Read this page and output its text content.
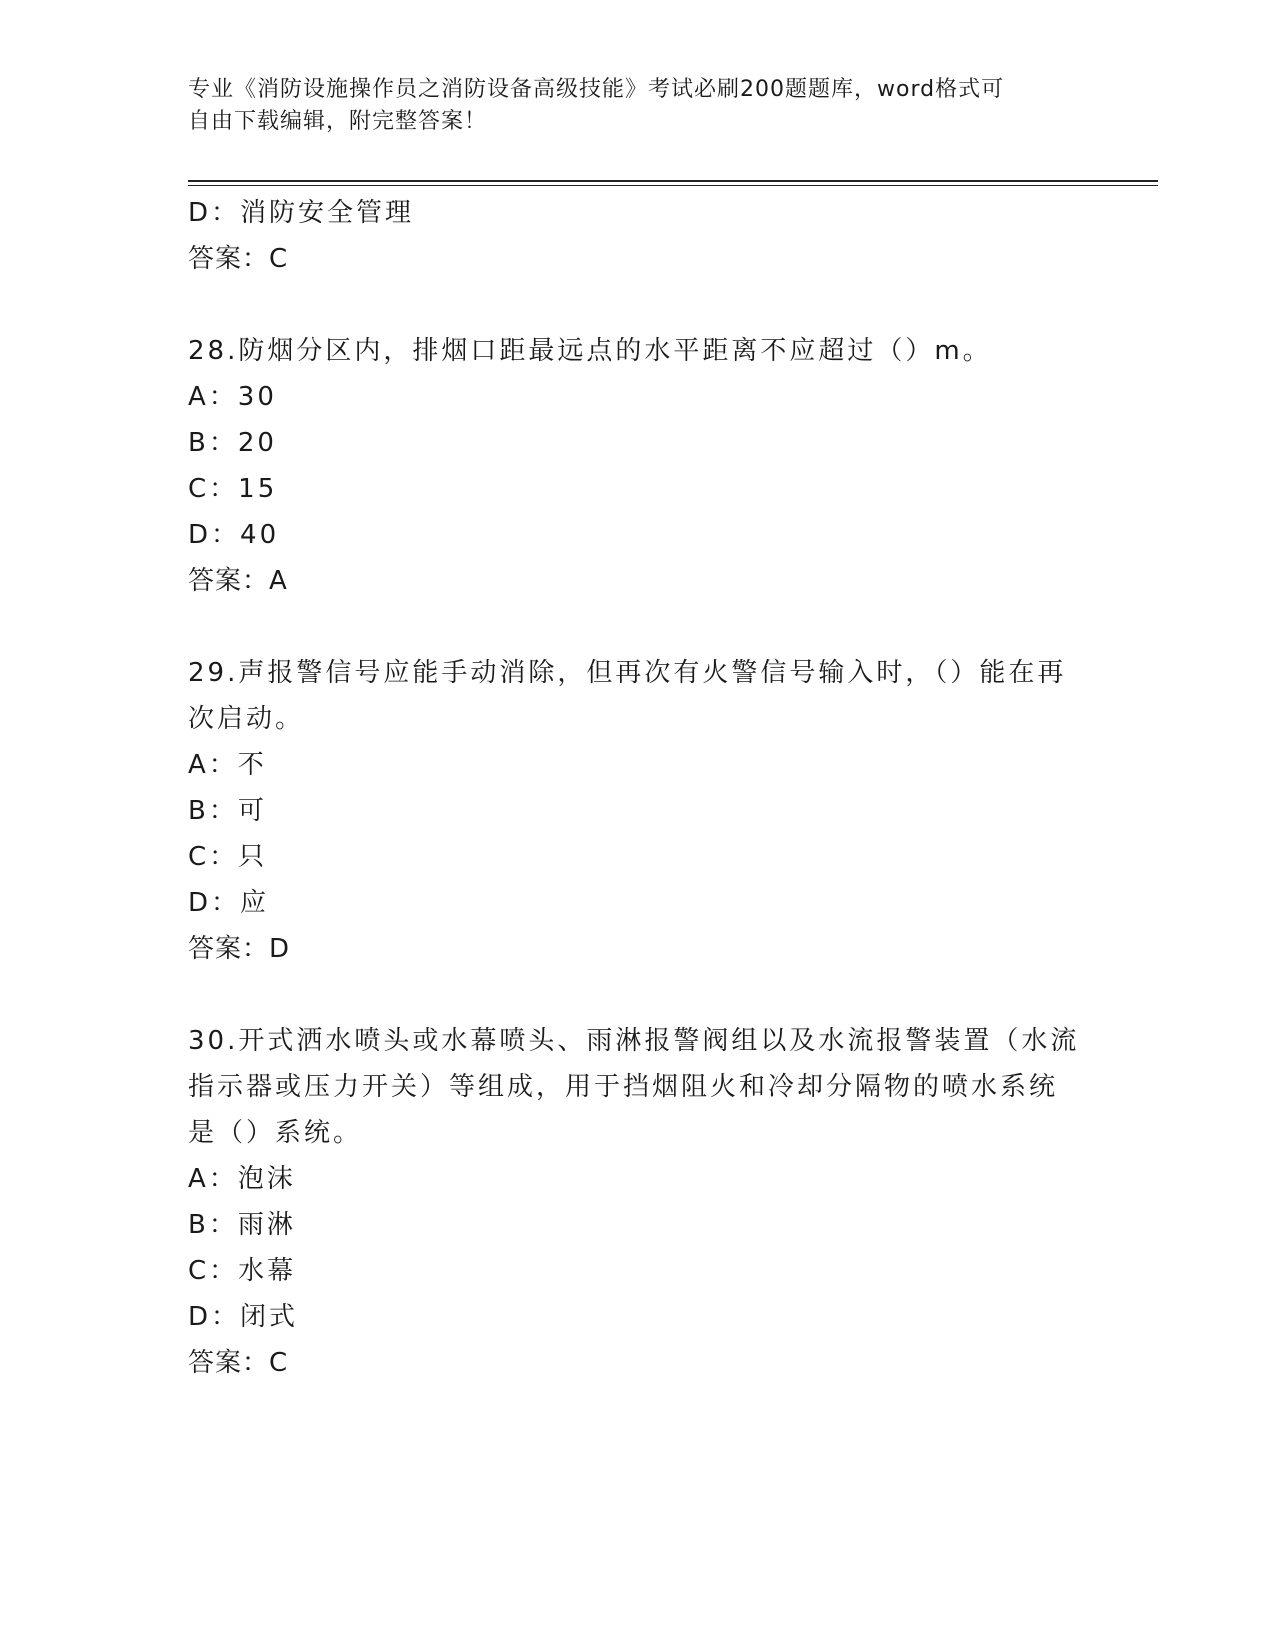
专业《消防设施操作员之消防设备高级技能》考试必刷200题题库，word格式可
自由下载编辑，附完整答案！
D：消防安全管理
答案：C
28.防烟分区内，排烟口距最远点的水平距离不应超过（）m。
A：30
B：20
C：15
D：40
答案：A
29.声报警信号应能手动消除，但再次有火警信号输入时，（）能在再
次启动。
A：不
B：可
C：只
D：应
答案：D
30.开式洒水喷头或水幕喷头、雨淋报警阀组以及水流报警装置（水流
指示器或压力开关）等组成，用于挡烟阻火和冷却分隔物的喷水系统
是（）系统。
A：泡沫
B：雨淋
C：水幕
D：闭式
答案：C
